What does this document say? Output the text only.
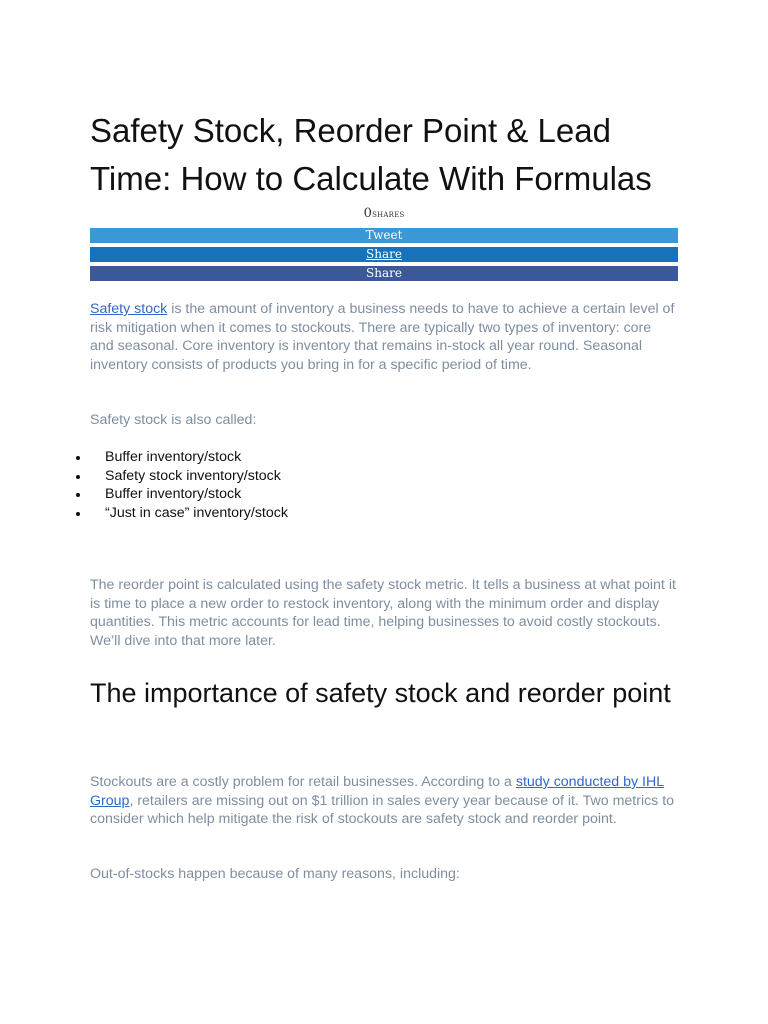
Safety Stock, Reorder Point & Lead Time: How to Calculate With Formulas
0shares
Tweet
Share
Share

Safety stock is the amount of inventory a business needs to have to achieve a certain level of risk mitigation when it comes to stockouts. There are typically two types of inventory: core and seasonal. Core inventory is inventory that remains in-stock all year round. Seasonal inventory consists of products you bring in for a specific period of time.

Safety stock is also called:

Buffer inventory/stock
Safety stock inventory/stock
Buffer inventory/stock
“Just in case” inventory/stock

The reorder point is calculated using the safety stock metric. It tells a business at what point it is time to place a new order to restock inventory, along with the minimum order and display quantities. This metric accounts for lead time, helping businesses to avoid costly stockouts. We’ll dive into that more later.

The importance of safety stock and reorder point

Stockouts are a costly problem for retail businesses. According to a study conducted by IHL Group, retailers are missing out on $1 trillion in sales every year because of it. Two metrics to consider which help mitigate the risk of stockouts are safety stock and reorder point.

Out-of-stocks happen because of many reasons, including:
